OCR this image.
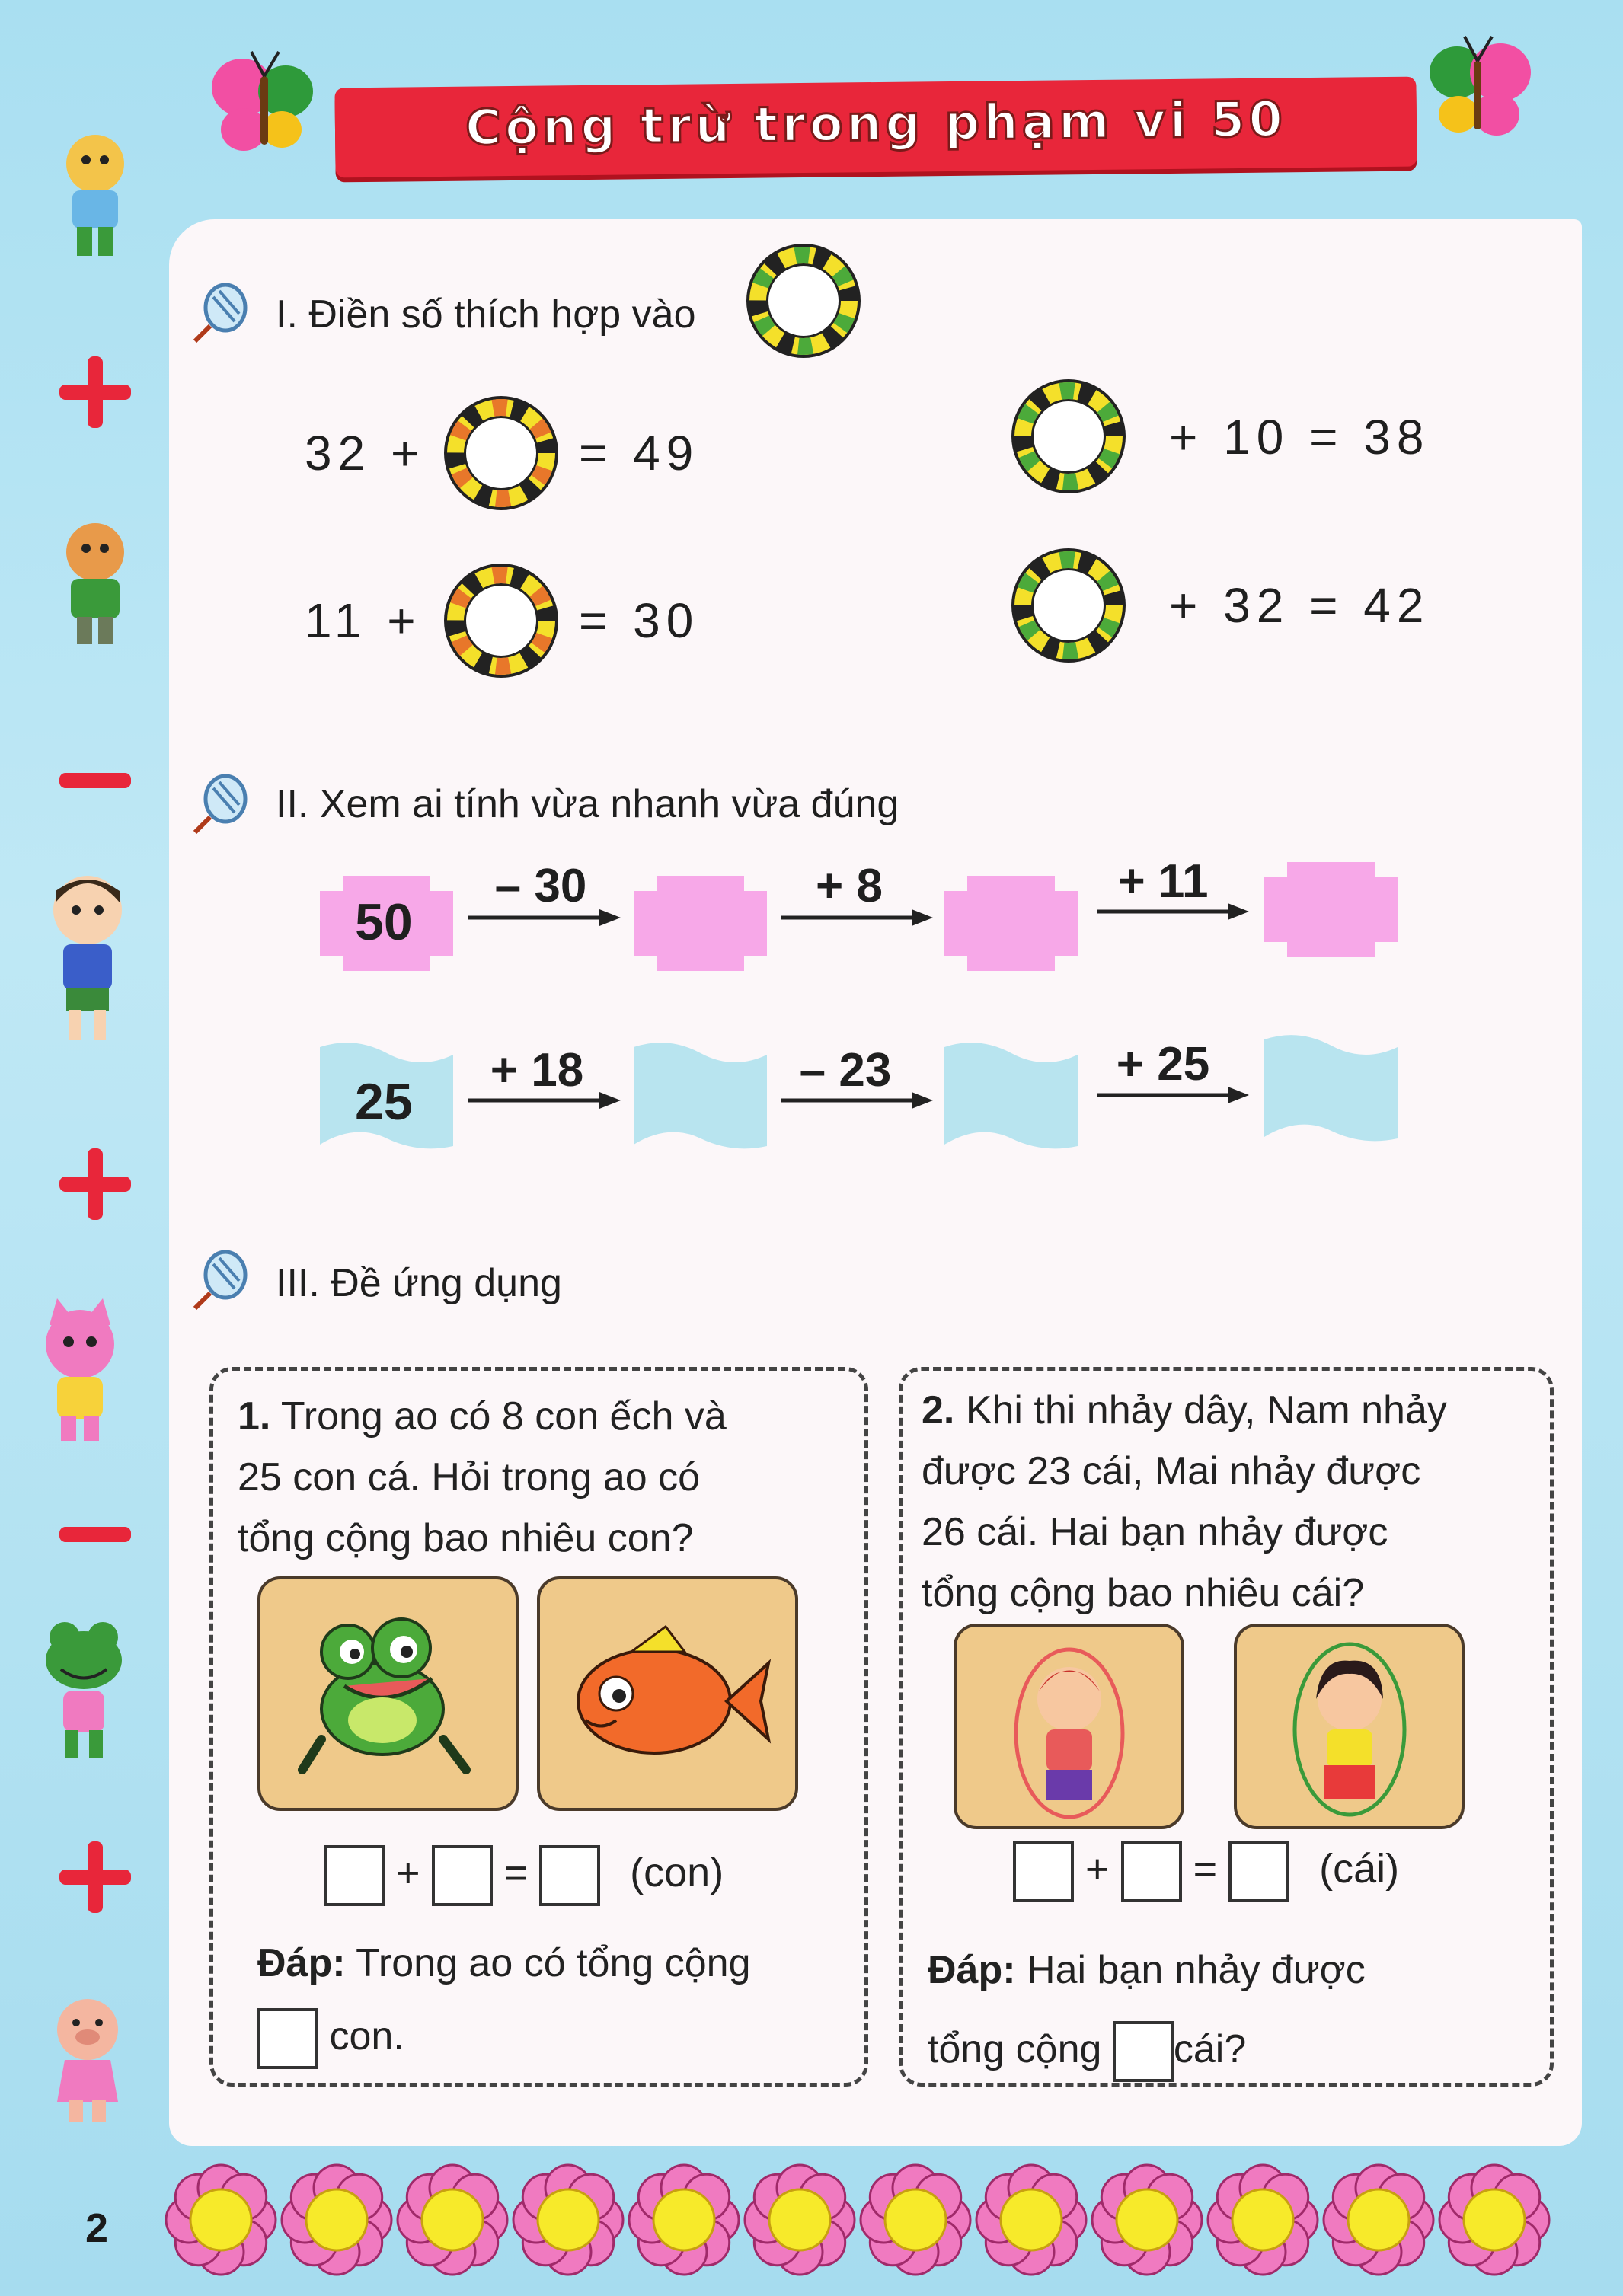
Cộng trừ trong phạm vi 50
I. Điền số thích hợp vào
32 +	= 49
11 +	= 30
+ 10 = 38
+ 32 = 42
II. Xem ai tính vừa nhanh vừa đúng
50
– 30	+ 8	+ 11
25
+ 18	– 23	+ 25
III. Đề ứng dụng
1. Trong ao có 8 con ếch và
25 con cá. Hỏi trong ao có
tổng cộng bao nhiêu con?
+ = (con)
Đáp: Trong ao có tổng cộng
con.
2. Khi thi nhảy dây, Nam nhảy
được 23 cái, Mai nhảy được
26 cái. Hai bạn nhảy được
tổng cộng bao nhiêu cái?
+ = (cái)
Đáp: Hai bạn nhảy được
tổng cộng cái?
2
